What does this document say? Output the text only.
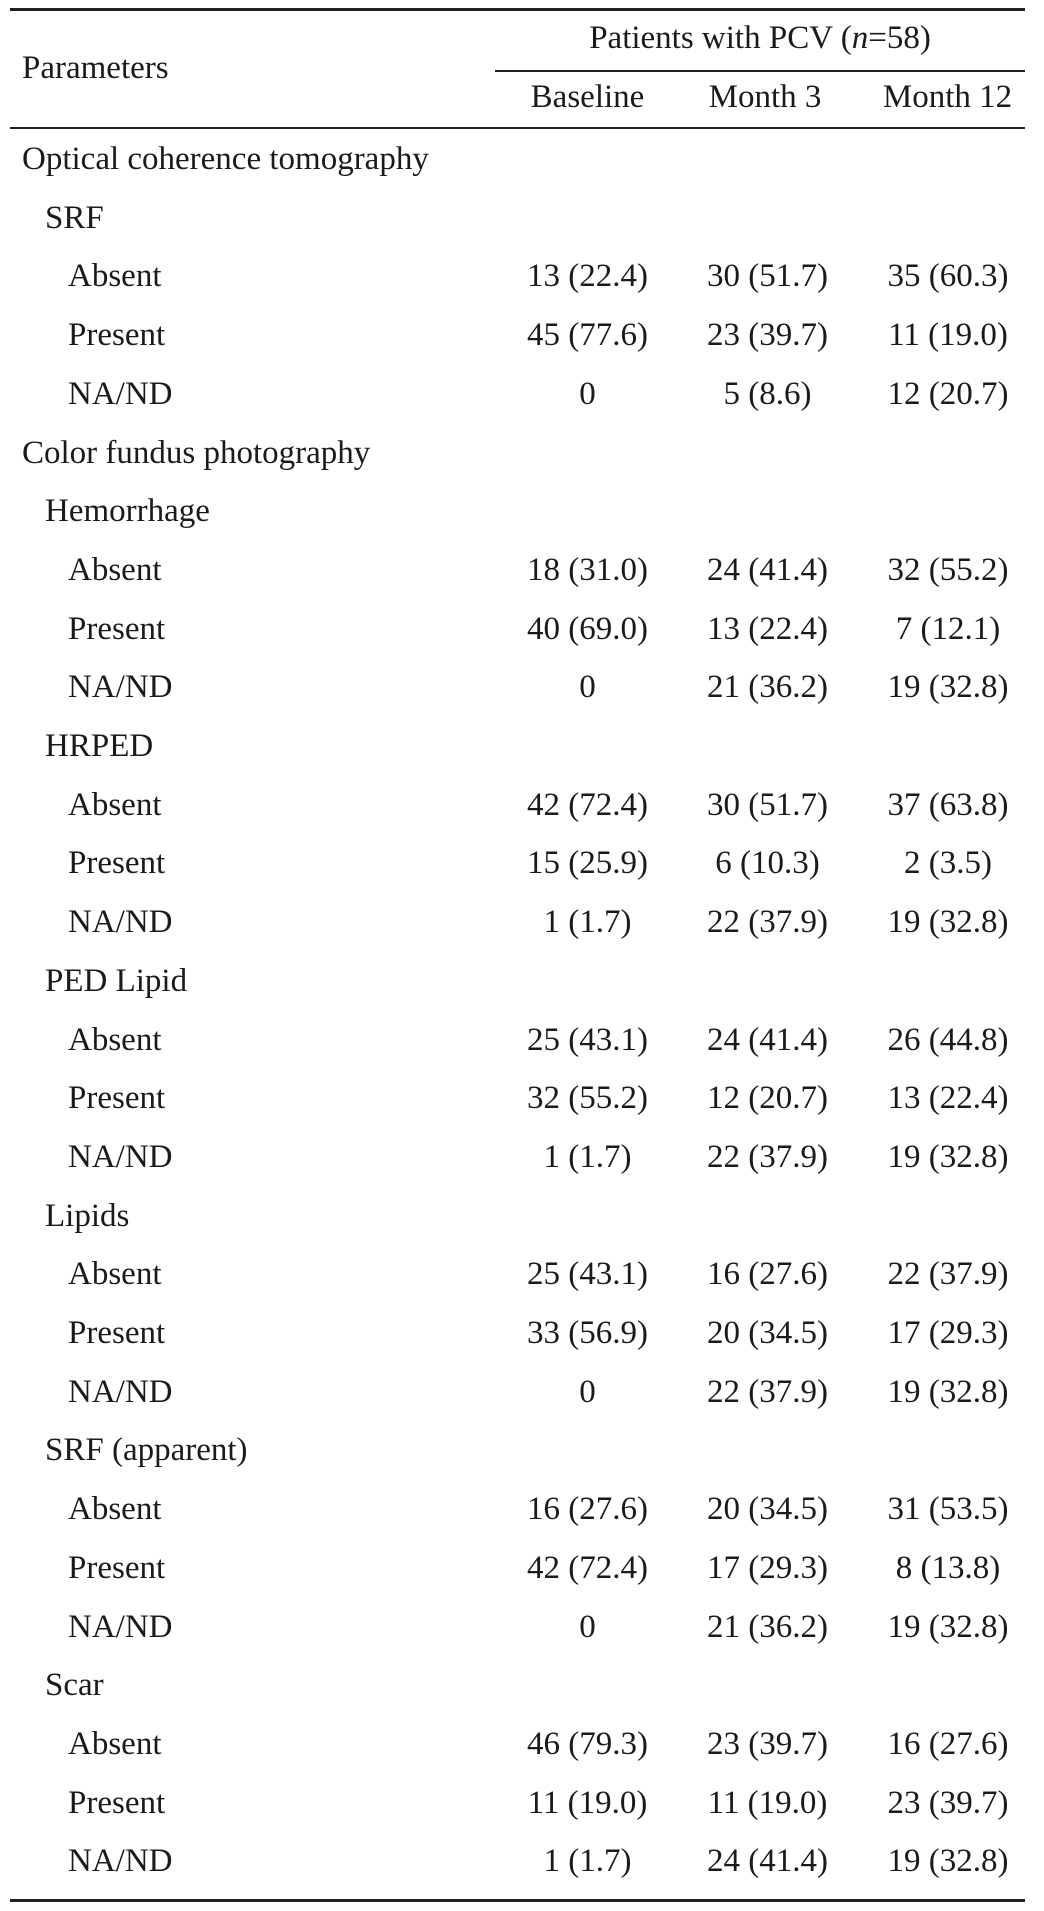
Parameters
Patients with PCV (n=58)
Baseline	Month 3	Month 12
Optical coherence tomography
SRF
Absent	13 (22.4)	30 (51.7)	35 (60.3)
Present	45 (77.6)	23 (39.7)	11 (19.0)
NA/ND	0	5 (8.6)	12 (20.7)
Color fundus photography
Hemorrhage
Absent	18 (31.0)	24 (41.4)	32 (55.2)
Present	40 (69.0)	13 (22.4)	7 (12.1)
NA/ND	0	21 (36.2)	19 (32.8)
HRPED
Absent	42 (72.4)	30 (51.7)	37 (63.8)
Present	15 (25.9)	6 (10.3)	2 (3.5)
NA/ND	1 (1.7)	22 (37.9)	19 (32.8)
PED Lipid
Absent	25 (43.1)	24 (41.4)	26 (44.8)
Present	32 (55.2)	12 (20.7)	13 (22.4)
NA/ND	1 (1.7)	22 (37.9)	19 (32.8)
Lipids
Absent	25 (43.1)	16 (27.6)	22 (37.9)
Present	33 (56.9)	20 (34.5)	17 (29.3)
NA/ND	0	22 (37.9)	19 (32.8)
SRF (apparent)
Absent	16 (27.6)	20 (34.5)	31 (53.5)
Present	42 (72.4)	17 (29.3)	8 (13.8)
NA/ND	0	21 (36.2)	19 (32.8)
Scar
Absent	46 (79.3)	23 (39.7)	16 (27.6)
Present	11 (19.0)	11 (19.0)	23 (39.7)
NA/ND	1 (1.7)	24 (41.4)	19 (32.8)
